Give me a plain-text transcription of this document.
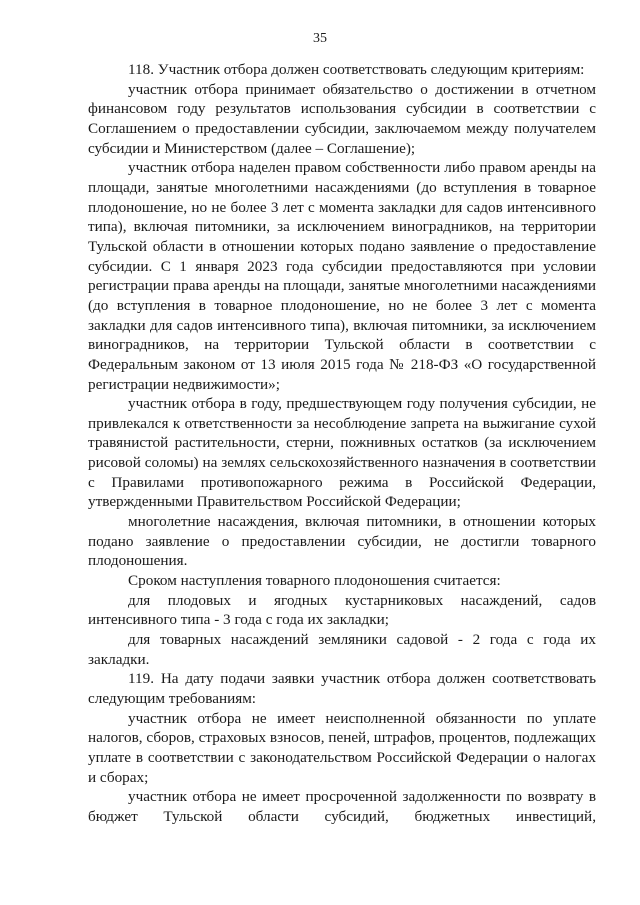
35

118. Участник отбора должен соответствовать следующим критериям:

участник отбора принимает обязательство о достижении в отчетном финансовом году результатов использования субсидии в соответствии с Соглашением о предоставлении субсидии, заключаемом между получателем субсидии и Министерством (далее – Соглашение);

участник отбора наделен правом собственности либо правом аренды на площади, занятые многолетними насаждениями (до вступления в товарное плодоношение, но не более 3 лет с момента закладки для садов интенсивного типа), включая питомники, за исключением виноградников, на территории Тульской области в отношении которых подано заявление о предоставление субсидии. С 1 января 2023 года субсидии предоставляются при условии регистрации права аренды на площади, занятые многолетними насаждениями (до вступления в товарное плодоношение, но не более 3 лет с момента закладки для садов интенсивного типа), включая питомники, за исключением виноградников, на территории Тульской области в соответствии с Федеральным законом от 13 июля 2015 года № 218-ФЗ «О государственной регистрации недвижимости»;

участник отбора в году, предшествующем году получения субсидии, не привлекался к ответственности за несоблюдение запрета на выжигание сухой травянистой растительности, стерни, пожнивных остатков (за исключением рисовой соломы) на землях сельскохозяйственного назначения в соответствии с Правилами противопожарного режима в Российской Федерации, утвержденными Правительством Российской Федерации;

многолетние насаждения, включая питомники, в отношении которых подано заявление о предоставлении субсидии, не достигли товарного плодоношения.

Сроком наступления товарного плодоношения считается:

для плодовых и ягодных кустарниковых насаждений, садов интенсивного типа - 3 года с года их закладки;

для товарных насаждений земляники садовой - 2 года с года их закладки.

119. На дату подачи заявки участник отбора должен соответствовать следующим требованиям:

участник отбора не имеет неисполненной обязанности по уплате налогов, сборов, страховых взносов, пеней, штрафов, процентов, подлежащих уплате в соответствии с законодательством Российской Федерации о налогах и сборах;

участник отбора не имеет просроченной задолженности по возврату в бюджет Тульской области субсидий, бюджетных инвестиций,
